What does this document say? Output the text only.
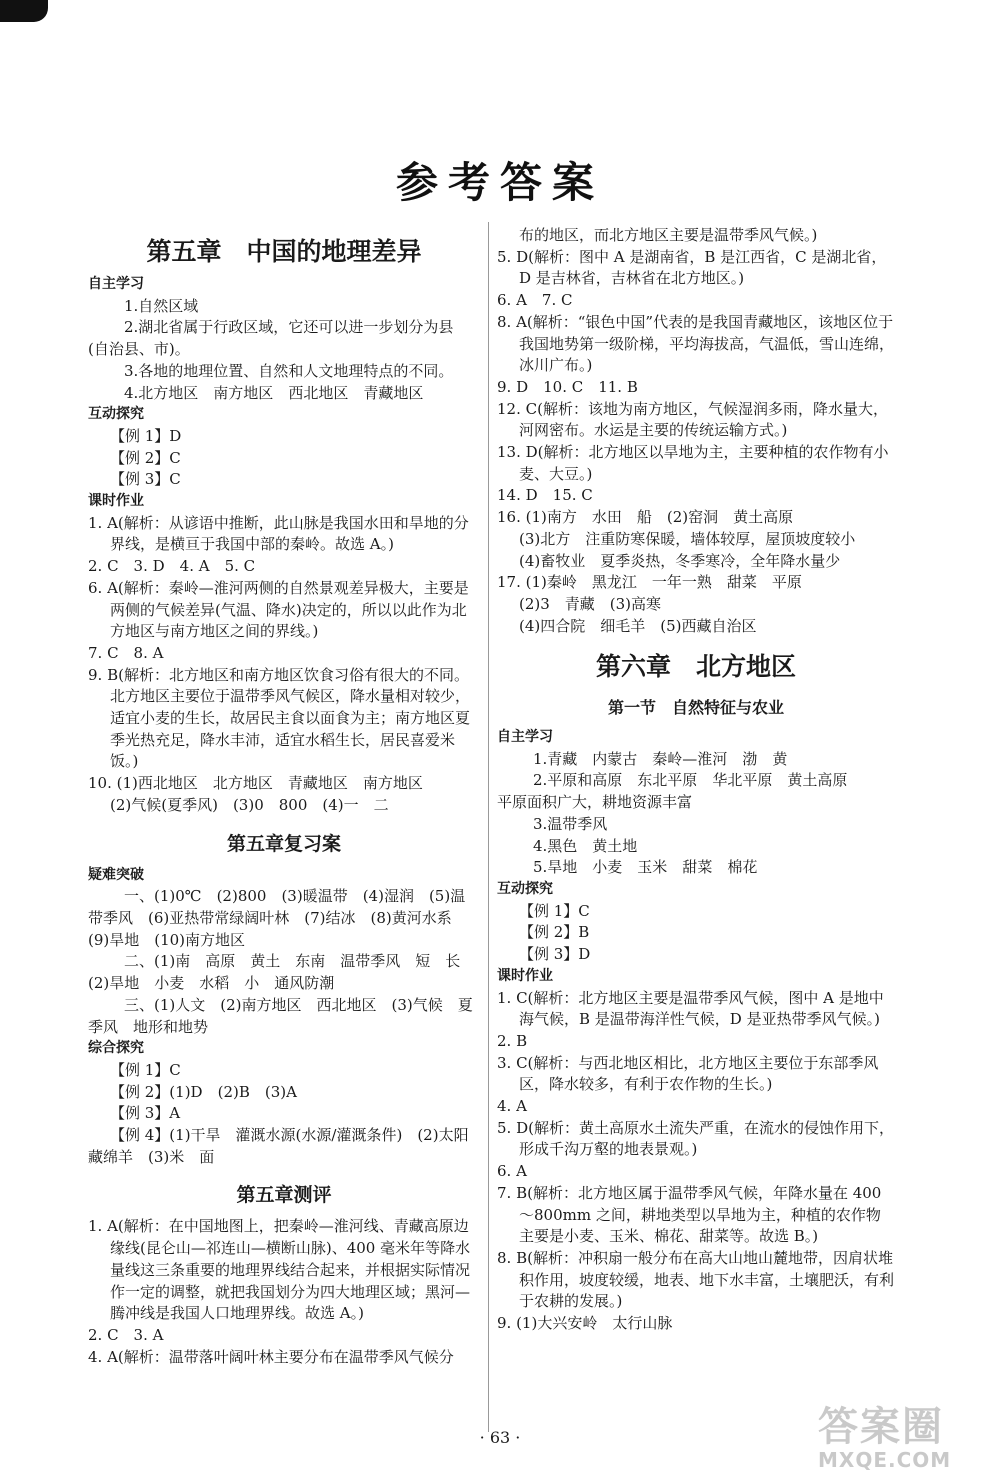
参考答案
第五章　中国的地理差异

自主学习

1.自然区域

2.湖北省属于行政区域，它还可以进一步划分为县

(自治县、市)。

3.各地的地理位置、自然和人文地理特点的不同。

4.北方地区　南方地区　西北地区　青藏地区

互动探究

【例 1】D

【例 2】C

【例 3】C

课时作业

1. A(解析：从谚语中推断，此山脉是我国水田和旱地的分界线，是横亘于我国中部的秦岭。故选 A。)

2. C　3. D　4. A　5. C

6. A(解析：秦岭—淮河两侧的自然景观差异极大，主要是两侧的气候差异(气温、降水)决定的，所以以此作为北方地区与南方地区之间的界线。)

7. C　8. A

9. B(解析：北方地区和南方地区饮食习俗有很大的不同。北方地区主要位于温带季风气候区，降水量相对较少，适宜小麦的生长，故居民主食以面食为主；南方地区夏季光热充足，降水丰沛，适宜水稻生长，居民喜爱米饭。)

10. (1)西北地区　北方地区　青藏地区　南方地区

(2)气候(夏季风)　(3)0　800　(4)一　二

第五章复习案

疑难突破

一、(1)0℃　(2)800　(3)暖温带　(4)湿润　(5)温带季风　(6)亚热带常绿阔叶林　(7)结冰　(8)黄河水系　(9)旱地　(10)南方地区

二、(1)南　高原　黄土　东南　温带季风　短　长　(2)旱地　小麦　水稻　小　通风防潮

三、(1)人文　(2)南方地区　西北地区　(3)气候　夏季风　地形和地势

综合探究

【例 1】C

【例 2】(1)D　(2)B　(3)A

【例 3】A

【例 4】(1)干旱　灌溉水源(水源/灌溉条件)　(2)太阳　藏绵羊　(3)米　面

第五章测评

1. A(解析：在中国地图上，把秦岭—淮河线、青藏高原边缘线(昆仑山—祁连山—横断山脉)、400 毫米年等降水量线这三条重要的地理界线结合起来，并根据实际情况作一定的调整，就把我国划分为四大地理区域；黑河—腾冲线是我国人口地理界线。故选 A。)

2. C　3. A

4. A(解析：温带落叶阔叶林主要分布在温带季风气候分

布的地区，而北方地区主要是温带季风气候。)

5. D(解析：图中 A 是湖南省，B 是江西省，C 是湖北省，D 是吉林省，吉林省在北方地区。)

6. A　7. C

8. A(解析：“银色中国”代表的是我国青藏地区，该地区位于我国地势第一级阶梯，平均海拔高，气温低，雪山连绵，冰川广布。)

9. D　10. C　11. B

12. C(解析：该地为南方地区，气候湿润多雨，降水量大，河网密布。水运是主要的传统运输方式。)

13. D(解析：北方地区以旱地为主，主要种植的农作物有小麦、大豆。)

14. D　15. C

16. (1)南方　水田　船　(2)窑洞　黄土高原

(3)北方　注重防寒保暖，墙体较厚，屋顶坡度较小

(4)畜牧业　夏季炎热，冬季寒冷，全年降水量少

17. (1)秦岭　黑龙江　一年一熟　甜菜　平原

(2)3　青藏　(3)高寒

(4)四合院　细毛羊　(5)西藏自治区

第六章　北方地区
第一节　自然特征与农业

自主学习

1.青藏　内蒙古　秦岭—淮河　渤　黄

2.平原和高原　东北平原　华北平原　黄土高原

平原面积广大，耕地资源丰富

3.温带季风

4.黑色　黄土地

5.旱地　小麦　玉米　甜菜　棉花

互动探究

【例 1】C

【例 2】B

【例 3】D

课时作业

1. C(解析：北方地区主要是温带季风气候，图中 A 是地中海气候，B 是温带海洋性气候，D 是亚热带季风气候。)

2. B

3. C(解析：与西北地区相比，北方地区主要位于东部季风区，降水较多，有利于农作物的生长。)

4. A

5. D(解析：黄土高原水土流失严重，在流水的侵蚀作用下，形成千沟万壑的地表景观。)

6. A

7. B(解析：北方地区属于温带季风气候，年降水量在 400～800mm 之间，耕地类型以旱地为主，种植的农作物主要是小麦、玉米、棉花、甜菜等。故选 B。)

8. B(解析：冲积扇一般分布在高大山地山麓地带，因肩状堆积作用，坡度较缓，地表、地下水丰富，土壤肥沃，有利于农耕的发展。)

9. (1)大兴安岭　太行山脉

· 63 ·	答案圈
MXQE.COM
